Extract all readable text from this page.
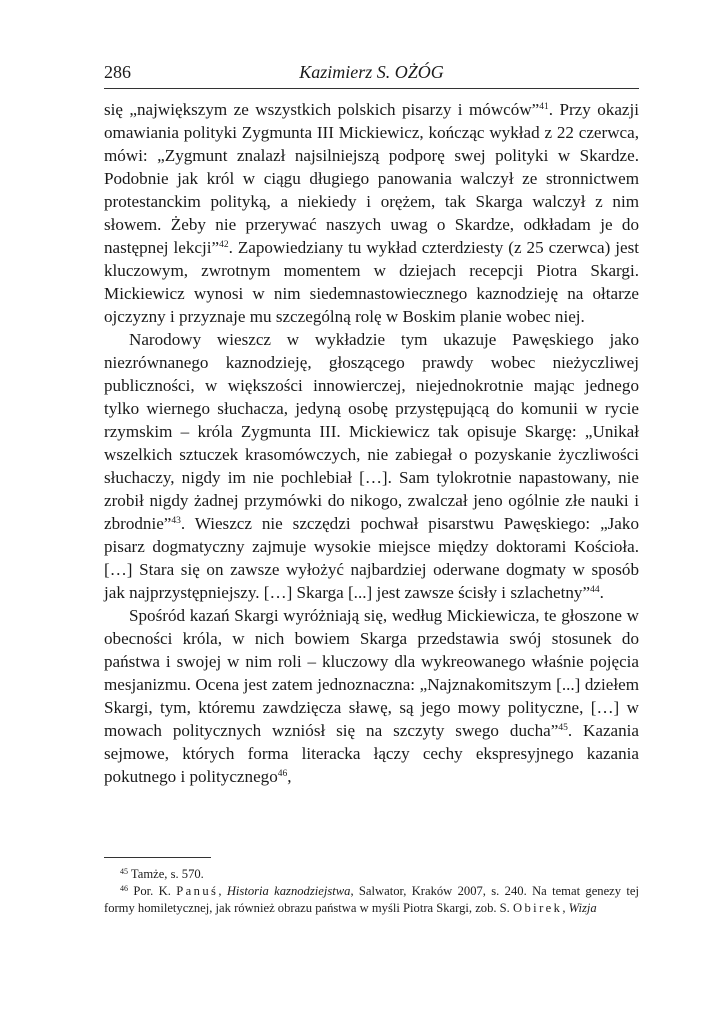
286	Kazimierz S. OŻÓG

się „największym ze wszystkich polskich pisarzy i mówców”$^{41}$. Przy okazji omawiania polityki Zygmunta III Mickiewicz, kończąc wykład z 22 czerwca, mówi: „Zygmunt znalazł najsilniejszą podporę swej polityki w Skardze. Podobnie jak król w ciągu długiego panowania walczył ze stronnictwem protestanckim polityką, a niekiedy i orężem, tak Skarga walczył z nim słowem. Żeby nie przerywać naszych uwag o Skardze, odkładam je do następnej lekcji”$^{42}$. Zapowiedziany tu wykład czterdziesty (z 25 czerwca) jest kluczowym, zwrotnym momentem w dziejach recepcji Piotra Skargi. Mickiewicz wynosi w nim siedemnastowiecznego kaznodzieję na ołtarze ojczyzny i przyznaje mu szczególną rolę w Boskim planie wobec niej.

Narodowy wieszcz w wykładzie tym ukazuje Pawęskiego jako niezrównanego kaznodzieję, głoszącego prawdy wobec nieżyczliwej publiczności, w większości innowierczej, niejednokrotnie mając jednego tylko wiernego słuchacza, jedyną osobę przystępującą do komunii w rycie rzymskim – króla Zygmunta III. Mickiewicz tak opisuje Skargę: „Unikał wszelkich sztuczek krasomówczych, nie zabiegał o pozyskanie życzliwości słuchaczy, nigdy im nie pochlebiał […]. Sam tylokrotnie napastowany, nie zrobił nigdy żadnej przymówki do nikogo, zwalczał jeno ogólnie złe nauki i zbrodnie”$^{43}$. Wieszcz nie szczędzi pochwał pisarstwu Pawęskiego: „Jako pisarz dogmatyczny zajmuje wysokie miejsce między doktorami Kościoła. […] Stara się on zawsze wyłożyć najbardziej oderwane dogmaty w sposób jak najprzystępniejszy. […] Skarga [...] jest zawsze ścisły i szlachetny”$^{44}$.

Spośród kazań Skargi wyróżniają się, według Mickiewicza, te głoszone w obecności króla, w nich bowiem Skarga przedstawia swój stosunek do państwa i swojej w nim roli – kluczowy dla wykreowanego właśnie pojęcia mesjanizmu. Ocena jest zatem jednoznaczna: „Najznakomitszym [...] dziełem Skargi, tym, któremu zawdzięcza sławę, są jego mowy polityczne, […] w mowach politycznych wzniósł się na szczyty swego ducha”$^{45}$. Kazania sejmowe, których forma literacka łączy cechy ekspresyjnego kazania pokutnego i politycznego$^{46}$,

$^{45}$ Tamże, s. 570.

$^{46}$ Por. K. Panuś, Historia kaznodziejstwa, Salwator, Kraków 2007, s. 240. Na temat genezy tej formy homiletycznej, jak również obrazu państwa w myśli Piotra Skargi, zob. S. Obirek, Wizja
